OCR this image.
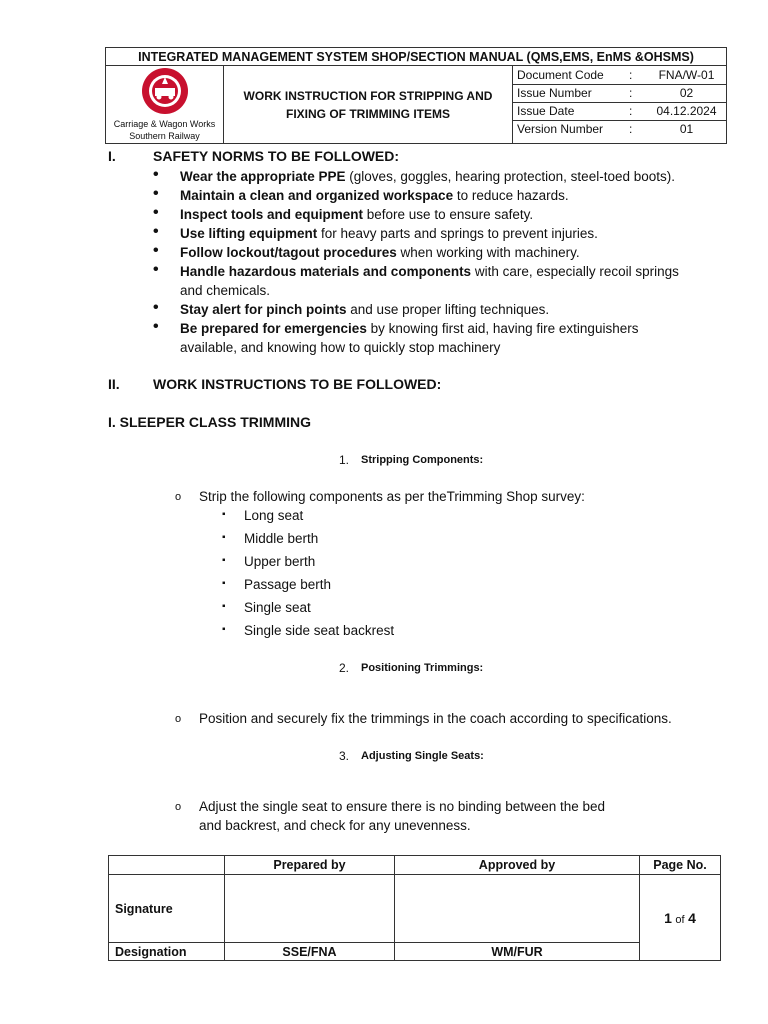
INTEGRATED MANAGEMENT SYSTEM SHOP/SECTION MANUAL (QMS,EMS, EnMS &OHSMS)

Carriage & Wagon Works
Southern Railway

WORK INSTRUCTION FOR STRIPPING AND
FIXING OF TRIMMING ITEMS

Document Code	:	FNA/W-01
Issue Number	:	02
Issue Date	:	04.12.2024
Version Number	:	01
I.	SAFETY NORMS TO BE FOLLOWED:
• Wear the appropriate PPE (gloves, goggles, hearing protection, steel-toed boots).
• Maintain a clean and organized workspace to reduce hazards.
• Inspect tools and equipment before use to ensure safety.
• Use lifting equipment for heavy parts and springs to prevent injuries.
• Follow lockout/tagout procedures when working with machinery.
• Handle hazardous materials and components with care, especially recoil springs
and chemicals.
• Stay alert for pinch points and use proper lifting techniques.
• Be prepared for emergencies by knowing first aid, having fire extinguishers
available, and knowing how to quickly stop machinery
II. WORK INSTRUCTIONS TO BE FOLLOWED:
I. SLEEPER CLASS TRIMMING
1. Stripping Components:
o Strip the following components as per theTrimming Shop survey:
▪ Long seat
▪ Middle berth
▪ Upper berth
▪ Passage berth
▪ Single seat
▪ Single side seat backrest
2. Positioning Trimmings:
o Position and securely fix the trimmings in the coach according to specifications.
3. Adjusting Single Seats:
o Adjust the single seat to ensure there is no binding between the bed
and backrest, and check for any unevenness.
	Prepared by	Approved by	Page No.
Signature			1 of 4
Designation	SSE/FNA	WM/FUR	
